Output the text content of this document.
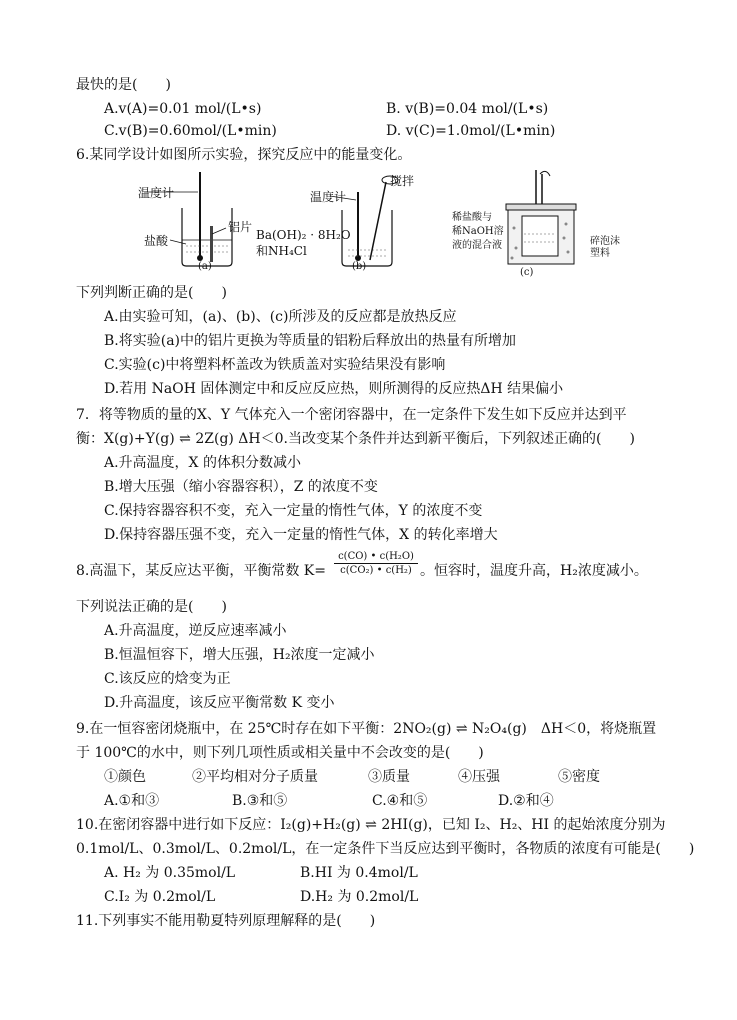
最快的是(　　)
A.v(A)=0.01 mol/(L•s)	B. v(B)=0.04 mol/(L•s)
C.v(B)=0.60mol/(L•min)	D. v(C)=1.0mol/(L•min)
6.某同学设计如图所示实验，探究反应中的能量变化。
温度计
铝片
盐酸
(a)
温度计
搅拌
Ba(OH)₂ · 8H₂O
和NH₄Cl
(b)
稀盐酸与
稀NaOH溶
液的混合液	碎泡沫
塑料
(c)
下列判断正确的是(　　)
A.由实验可知，(a)、(b)、(c)所涉及的反应都是放热反应
B.将实验(a)中的铝片更换为等质量的铝粉后释放出的热量有所增加
C.实验(c)中将塑料杯盖改为铁质盖对实验结果没有影响
D.若用 NaOH 固体测定中和反应反应热，则所测得的反应热ΔH 结果偏小
7．将等物质的量的X、Y 气体充入一个密闭容器中，在一定条件下发生如下反应并达到平
衡：X(g)+Y(g) ⇌ 2Z(g) ΔH＜0.当改变某个条件并达到新平衡后，下列叙述正确的(　　)
A.升高温度，X 的体积分数减小
B.增大压强（缩小容器容积），Z 的浓度不变
C.保持容器容积不变，充入一定量的惰性气体，Y 的浓度不变
D.保持容器压强不变，充入一定量的惰性气体，X 的转化率增大
8.高温下，某反应达平衡，平衡常数 K=
c(CO) • c(H₂O)
c(CO₂) • c(H₂) 。恒容时，温度升高，H₂浓度减小。
下列说法正确的是(　　)
A.升高温度，逆反应速率减小
B.恒温恒容下，增大压强，H₂浓度一定减小
C.该反应的焓变为正
D.升高温度，该反应平衡常数 K 变小
9.在一恒容密闭烧瓶中，在 25℃时存在如下平衡：2NO₂(g) ⇌ N₂O₄(g)　ΔH＜0，将烧瓶置
于 100℃的水中，则下列几项性质或相关量中不会改变的是(　　)
①颜色	②平均相对分子质量	③质量	④压强	⑤密度
A.①和③	B.③和⑤	C.④和⑤	D.②和④
10.在密闭容器中进行如下反应：I₂(g)+H₂(g) ⇌ 2HI(g)，已知 I₂、H₂、HI 的起始浓度分别为
0.1mol/L、0.3mol/L、0.2mol/L，在一定条件下当反应达到平衡时，各物质的浓度有可能是(　　)
A. H₂ 为 0.35mol/L	B.HI 为 0.4mol/L
C.I₂ 为 0.2mol/L	D.H₂ 为 0.2mol/L
11.下列事实不能用勒夏特列原理解释的是(　　)
